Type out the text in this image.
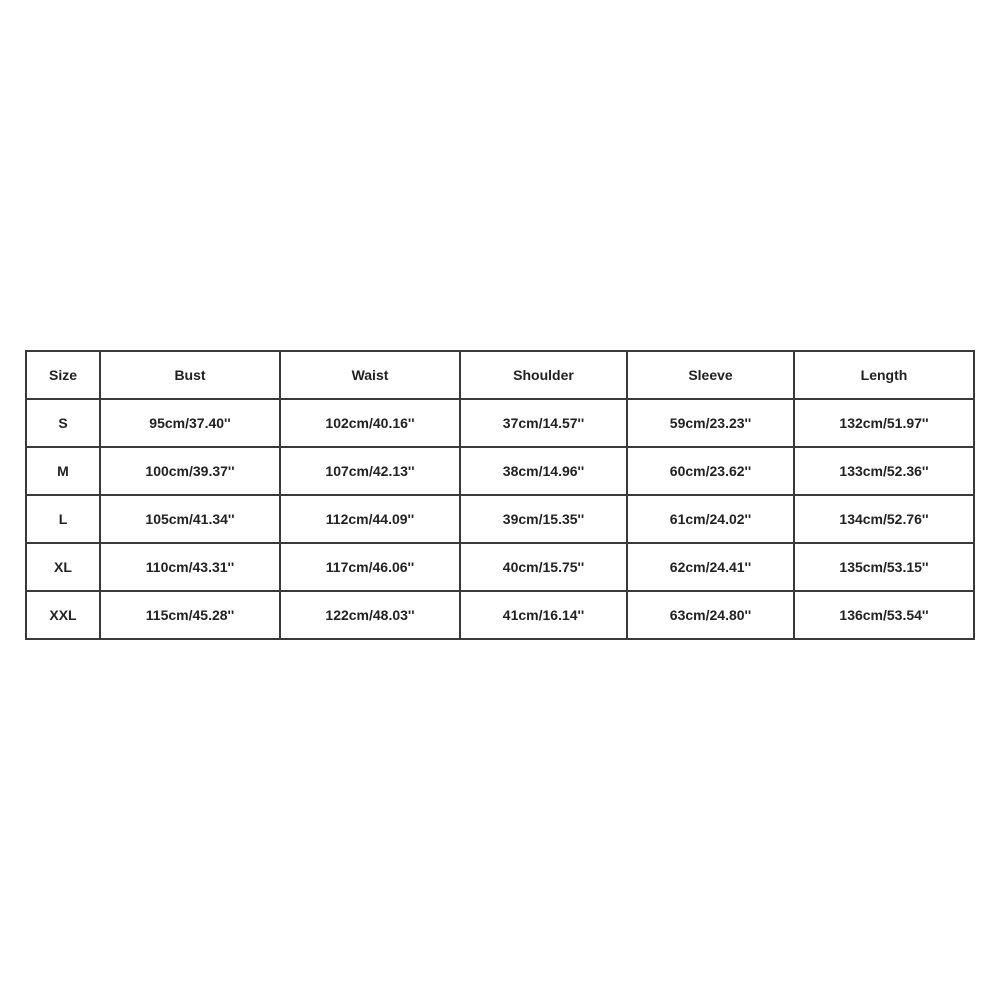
Size	Bust	Waist	Shoulder	Sleeve	Length
S	95cm/37.40''	102cm/40.16''	37cm/14.57''	59cm/23.23''	132cm/51.97''
M	100cm/39.37''	107cm/42.13''	38cm/14.96''	60cm/23.62''	133cm/52.36''
L	105cm/41.34''	112cm/44.09''	39cm/15.35''	61cm/24.02''	134cm/52.76''
XL	110cm/43.31''	117cm/46.06''	40cm/15.75''	62cm/24.41''	135cm/53.15''
XXL	115cm/45.28''	122cm/48.03''	41cm/16.14''	63cm/24.80''	136cm/53.54''
